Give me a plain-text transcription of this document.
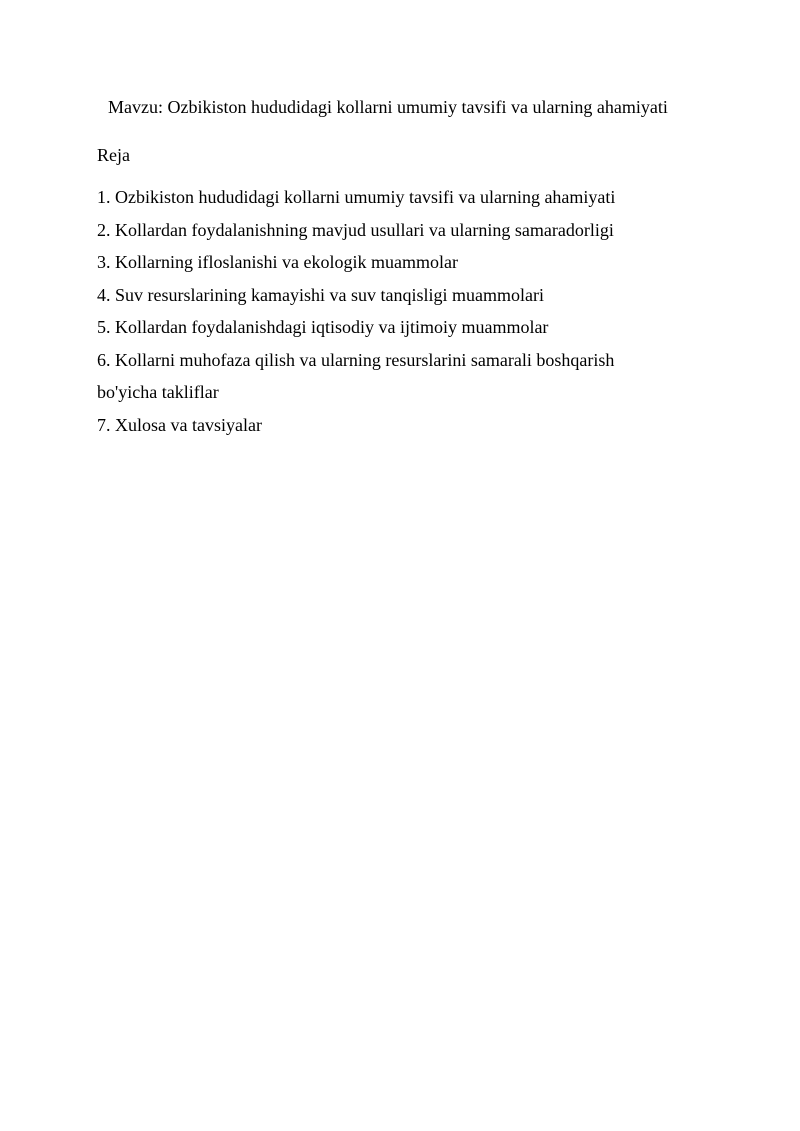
Mavzu: Ozbikiston hududidagi kollarni umumiy tavsifi va ularning ahamiyati
Reja
1. Ozbikiston hududidagi kollarni umumiy tavsifi va ularning ahamiyati
2. Kollardan foydalanishning mavjud usullari va ularning samaradorligi
3. Kollarning ifloslanishi va ekologik muammolar
4. Suv resurslarining kamayishi va suv tanqisligi muammolari
5. Kollardan foydalanishdagi iqtisodiy va ijtimoiy muammolar
6. Kollarni muhofaza qilish va ularning resurslarini samarali boshqarish
bo'yicha takliflar
7. Xulosa va tavsiyalar
